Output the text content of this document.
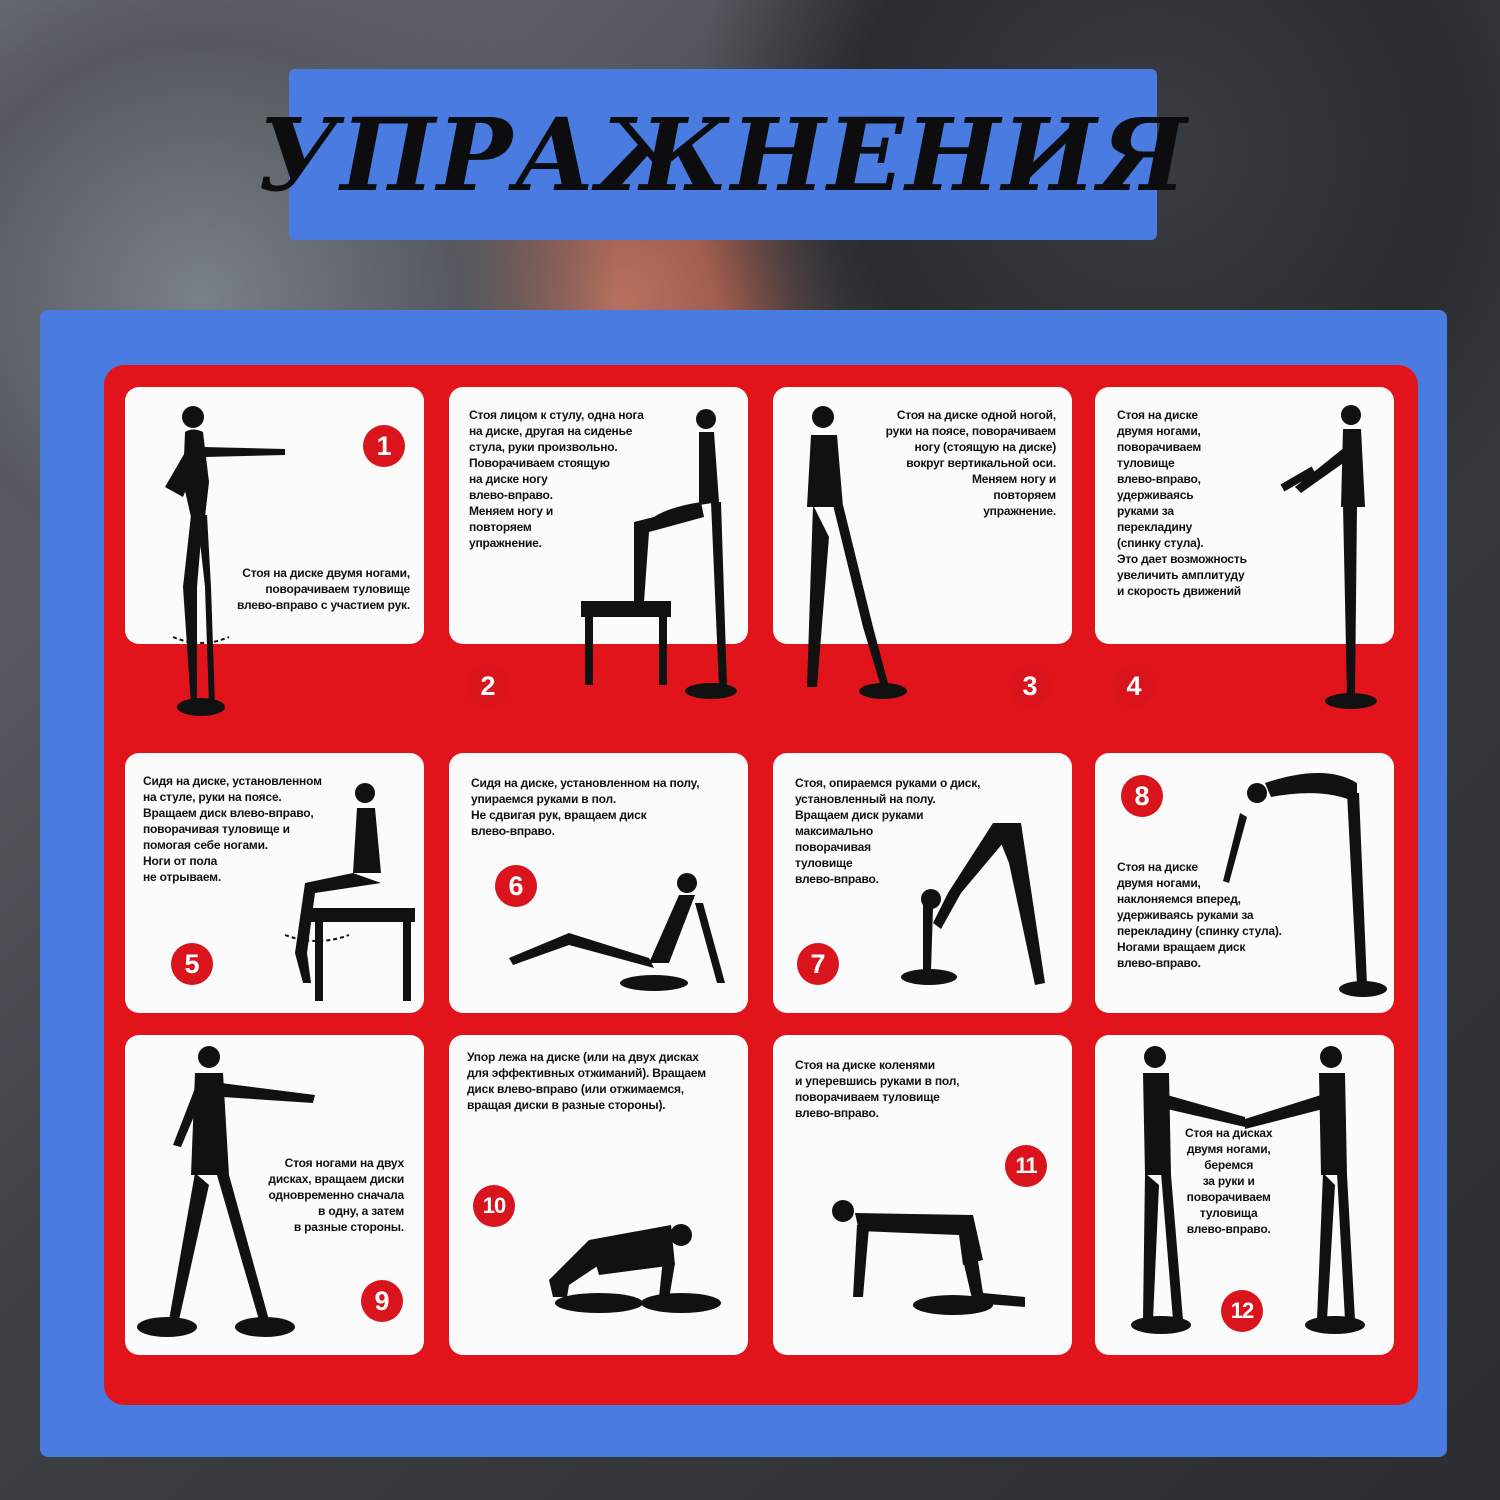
УПРАЖНЕНИЯ
1
Стоя на диске двумя ногами,
поворачиваем туловище
влево-вправо с участием рук.
Стоя лицом к стулу, одна нога
на диске, другая на сиденье
стула, руки произвольно.
Поворачиваем стоящую
на диске ногу
влево-вправо.
Меняем ногу и
повторяем
упражнение.
2
Стоя на диске одной ногой,
руки на поясе, поворачиваем
ногу (стоящую на диске)
вокруг вертикальной оси.
Меняем ногу и
повторяем
упражнение.
3
Стоя на диске
двумя ногами,
поворачиваем
туловище
влево-вправо,
удерживаясь
руками за
перекладину
(спинку стула).
Это дает возможность
увеличить амплитуду
и скорость движений
4
Сидя на диске, установленном
на стуле, руки на поясе.
Вращаем диск влево-вправо,
поворачивая туловище и
помогая себе ногами.
Ноги от пола
не отрываем.
5
Сидя на диске, установленном на полу,
упираемся руками в пол.
Не сдвигая рук, вращаем диск
влево-вправо.
6
Стоя, опираемся руками о диск,
установленный на полу.
Вращаем диск руками
максимально
поворачивая
туловище
влево-вправо.
7
Стоя на диске
двумя ногами,
наклоняемся вперед,
удерживаясь руками за
перекладину (спинку стула).
Ногами вращаем диск
влево-вправо.
8
Стоя ногами на двух
дисках, вращаем диски
одновременно сначала
в одну, а затем
в разные стороны.
9
Упор лежа на диске (или на двух дисках
для эффективных отжиманий). Вращаем
диск влево-вправо (или отжимаемся,
вращая диски в разные стороны).
10
Стоя на диске коленями
и уперевшись руками в пол,
поворачиваем туловище
влево-вправо.
11
Стоя на дисках
двумя ногами,
беремся
за руки и
поворачиваем
туловища
влево-вправо.
12
